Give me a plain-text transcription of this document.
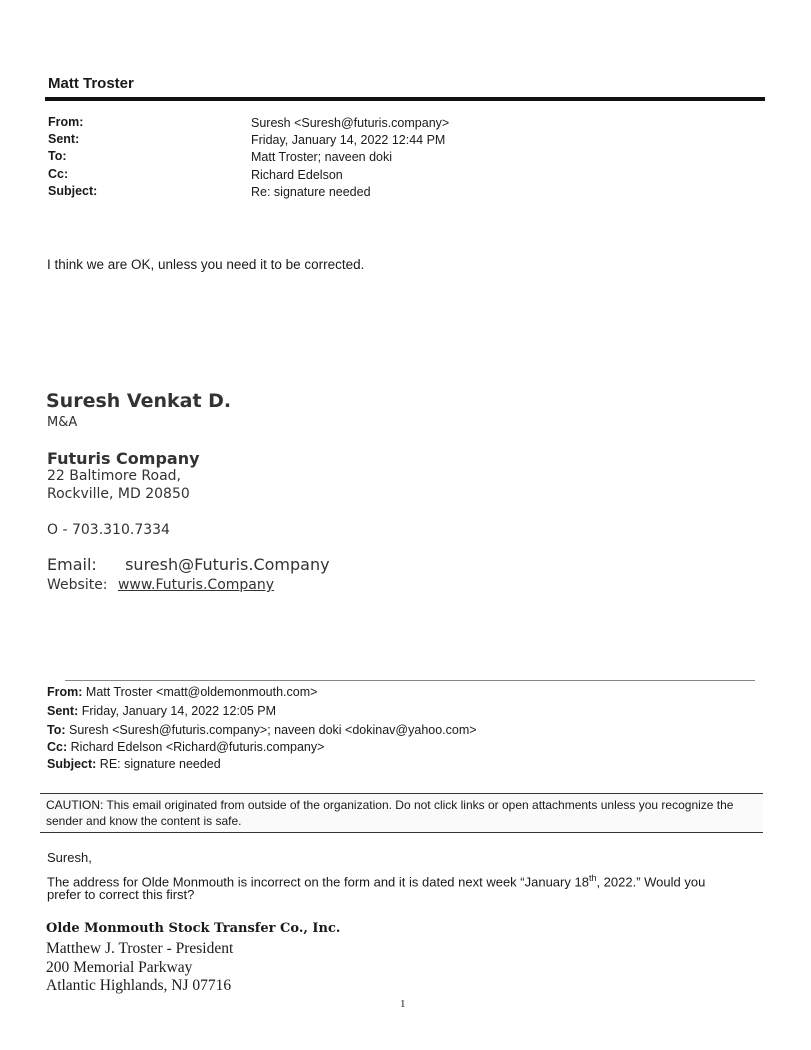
Matt Troster
From:	Suresh <Suresh@futuris.company>
Sent:	Friday, January 14, 2022 12:44 PM
To:	Matt Troster; naveen doki
Cc:	Richard Edelson
Subject:	Re: signature needed
I think we are OK, unless you need it to be corrected.
Suresh Venkat D.
M&A
Futuris Company
22 Baltimore Road,
Rockville, MD 20850
O - 703.310.7334
Email: suresh@Futuris.Company
Website: www.Futuris.Company
From: Matt Troster <matt@oldemonmouth.com>
Sent: Friday, January 14, 2022 12:05 PM
To: Suresh <Suresh@futuris.company>; naveen doki <dokinav@yahoo.com>
Cc: Richard Edelson <Richard@futuris.company>
Subject: RE: signature needed
CAUTION: This email originated from outside of the organization. Do not click links or open attachments unless you recognize the sender and know the content is safe.
Suresh,
The address for Olde Monmouth is incorrect on the form and it is dated next week “January 18th, 2022.” Would you
prefer to correct this first?
Olde Monmouth Stock Transfer Co., Inc.
Matthew J. Troster - President
200 Memorial Parkway
Atlantic Highlands, NJ 07716
1
